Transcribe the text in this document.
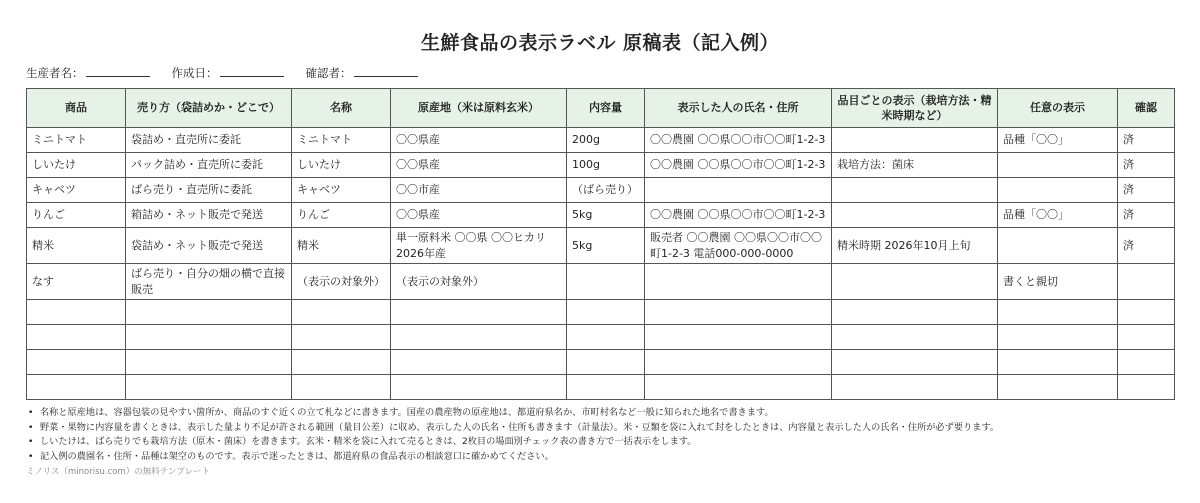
生鮮食品の表示ラベル 原稿表（記入例）
生産者名：	作成日：	確認者：
商品	売り方（袋詰めか・どこで）	名称	原産地（米は原料玄米）	内容量	表示した人の氏名・住所	品目ごとの表示（栽培方法・精米時期など）	任意の表示	確認
ミニトマト	袋詰め・直売所に委託	ミニトマト	〇〇県産	200g	〇〇農園 〇〇県〇〇市〇〇町1-2-3		品種「〇〇」	済
しいたけ	パック詰め・直売所に委託	しいたけ	〇〇県産	100g	〇〇農園 〇〇県〇〇市〇〇町1-2-3	栽培方法：菌床		済
キャベツ	ばら売り・直売所に委託	キャベツ	〇〇市産	（ばら売り）				済
りんご	箱詰め・ネット販売で発送	りんご	〇〇県産	5kg	〇〇農園 〇〇県〇〇市〇〇町1-2-3		品種「〇〇」	済
精米	袋詰め・ネット販売で発送	精米	単一原料米 〇〇県 〇〇ヒカリ 2026年産	5kg	販売者 〇〇農園 〇〇県〇〇市〇〇町1-2-3 電話000-000-0000	精米時期 2026年10月上旬		済
なす	ばら売り・自分の畑の横で直接販売	（表示の対象外）	（表示の対象外）				書くと親切	

• 名称と原産地は、容器包装の見やすい箇所か、商品のすぐ近くの立て札などに書きます。国産の農産物の原産地は、都道府県名か、市町村名など一般に知られた地名で書きます。
• 野菜・果物に内容量を書くときは、表示した量より不足が許される範囲（量目公差）に収め、表示した人の氏名・住所も書きます（計量法）。米・豆類を袋に入れて封をしたときは、内容量と表示した人の氏名・住所が必ず要ります。
• しいたけは、ばら売りでも栽培方法（原木・菌床）を書きます。玄米・精米を袋に入れて売るときは、2枚目の場面別チェック表の書き方で一括表示をします。
• 記入例の農園名・住所・品種は架空のものです。表示で迷ったときは、都道府県の食品表示の相談窓口に確かめてください。
ミノリス（minorisu.com）の無料テンプレート
